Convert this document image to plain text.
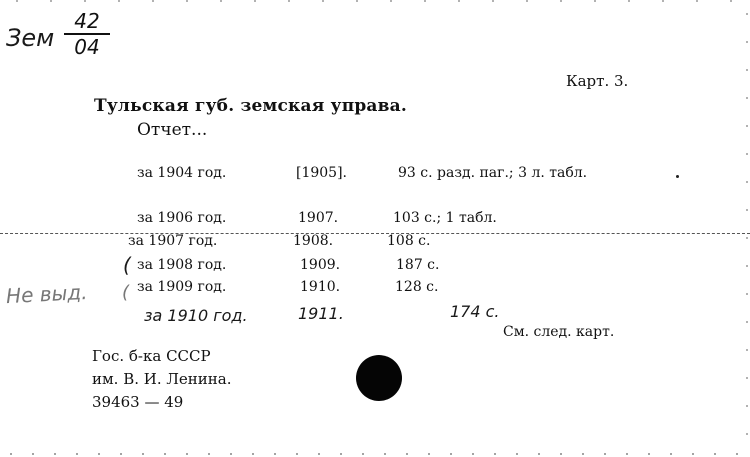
Зем
42
04
Карт. 3.
Тульская губ. земская управа.
Отчет...
за 1904 год.	[1905].	93 с. разд. паг.; 3 л. табл.
за 1906 год.	1907.	103 с.; 1 табл.
за 1907 год.	1908.	108 с.
( за 1908 год.	1909.	187 с.
за 1909 год.	1910.	128 с.
Не выд. (
за 1910 год.	1911.	174 с.
См. след. карт.
Гос. б-ка СССР
им. В. И. Ленина.
39463 — 49
